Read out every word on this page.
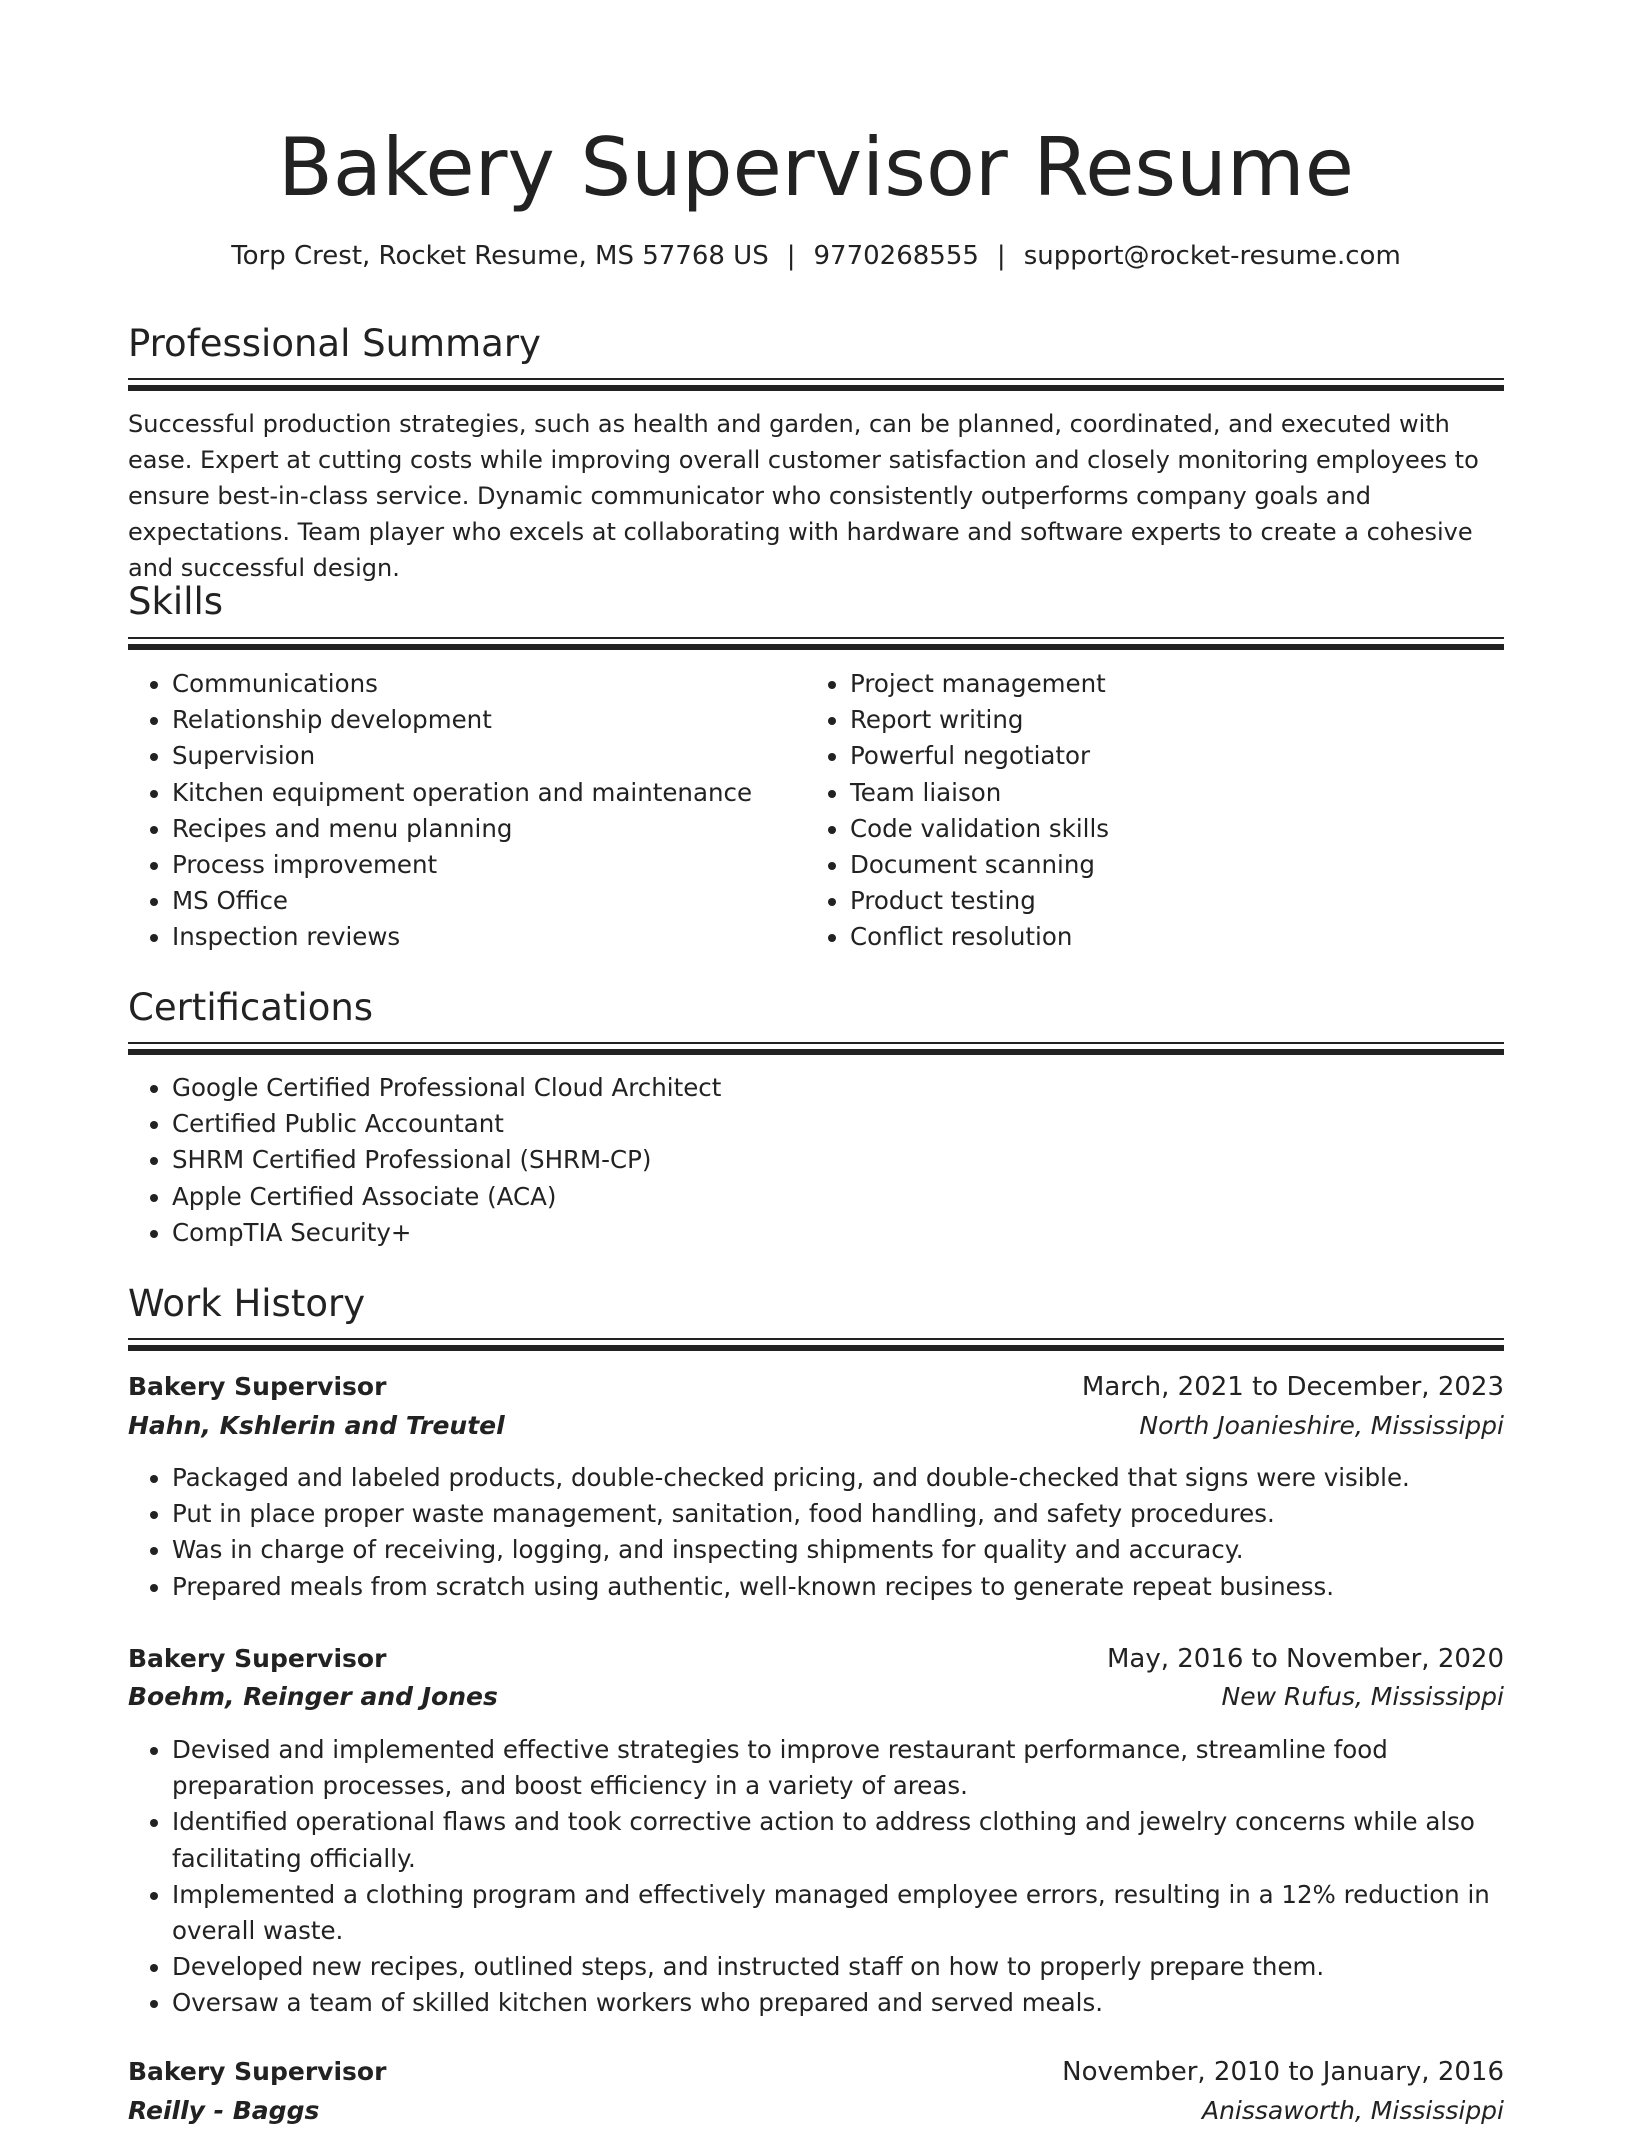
Bakery Supervisor Resume
Torp Crest, Rocket Resume, MS 57768 US | 9770268555 | support@rocket-resume.com
Professional Summary

Successful production strategies, such as health and garden, can be planned, coordinated, and executed with ease. Expert at cutting costs while improving overall customer satisfaction and closely monitoring employees to ensure best-in-class service. Dynamic communicator who consistently outperforms company goals and expectations. Team player who excels at collaborating with hardware and software experts to create a cohesive and successful design.

Skills
• Communications
• Relationship development
• Supervision
• Kitchen equipment operation and maintenance
• Recipes and menu planning
• Process improvement
• MS Office
• Inspection reviews
• Project management
• Report writing
• Powerful negotiator
• Team liaison
• Code validation skills
• Document scanning
• Product testing
• Conflict resolution
Certifications
• Google Certified Professional Cloud Architect
• Certified Public Accountant
• SHRM Certified Professional (SHRM-CP)
• Apple Certified Associate (ACA)
• CompTIA Security+
Work History
Bakery Supervisor	March, 2021 to December, 2023
Hahn, Kshlerin and Treutel	North Joanieshire, Mississippi
• Packaged and labeled products, double-checked pricing, and double-checked that signs were visible.
• Put in place proper waste management, sanitation, food handling, and safety procedures.
• Was in charge of receiving, logging, and inspecting shipments for quality and accuracy.
• Prepared meals from scratch using authentic, well-known recipes to generate repeat business.
Bakery Supervisor	May, 2016 to November, 2020
Boehm, Reinger and Jones	New Rufus, Mississippi
• Devised and implemented effective strategies to improve restaurant performance, streamline food preparation processes, and boost efficiency in a variety of areas.
• Identified operational flaws and took corrective action to address clothing and jewelry concerns while also facilitating officially.
• Implemented a clothing program and effectively managed employee errors, resulting in a 12% reduction in overall waste.
• Developed new recipes, outlined steps, and instructed staff on how to properly prepare them.
• Oversaw a team of skilled kitchen workers who prepared and served meals.
Bakery Supervisor	November, 2010 to January, 2016
Reilly - Baggs	Anissaworth, Mississippi
